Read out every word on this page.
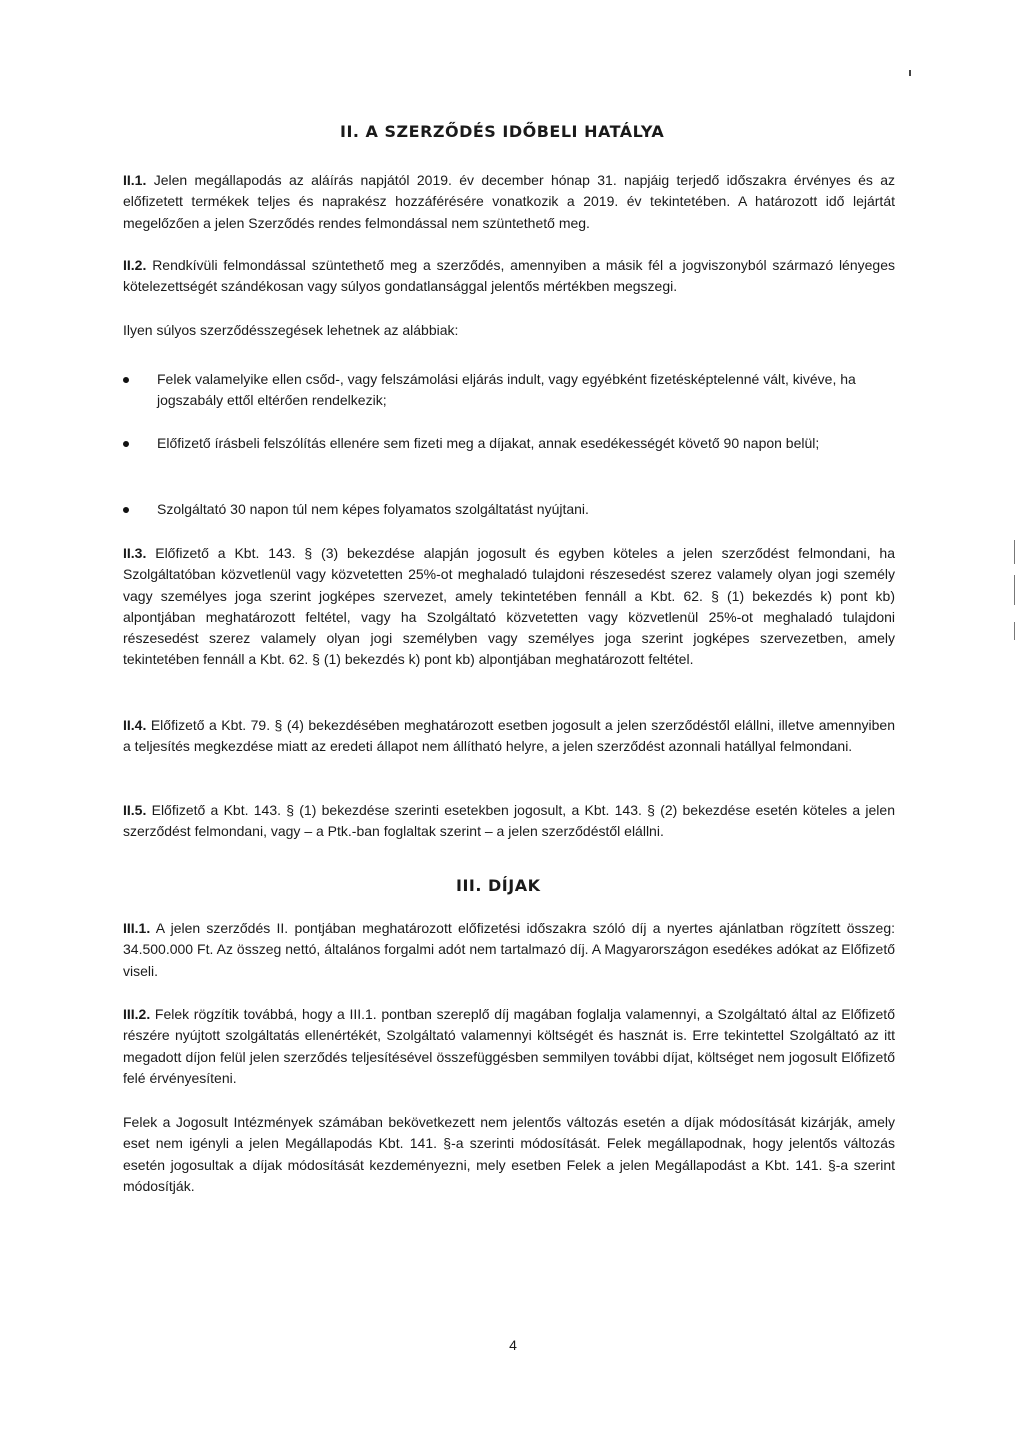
II. A SZERZŐDÉS IDŐBELI HATÁLYA

II.1. Jelen megállapodás az aláírás napjától 2019. év december hónap 31. napjáig terjedő időszakra érvényes és az előfizetett termékek teljes és naprakész hozzáférésére vonatkozik a 2019. év tekintetében. A határozott idő lejártát megelőzően a jelen Szerződés rendes felmondással nem szüntethető meg.

II.2. Rendkívüli felmondással szüntethető meg a szerződés, amennyiben a másik fél a jogviszonyból származó lényeges kötelezettségét szándékosan vagy súlyos gondatlansággal jelentős mértékben megszegi.

Ilyen súlyos szerződésszegések lehetnek az alábbiak:

Felek valamelyike ellen csőd-, vagy felszámolási eljárás indult, vagy egyébként fizetésképtelenné vált, kivéve, ha jogszabály ettől eltérően rendelkezik;

Előfizető írásbeli felszólítás ellenére sem fizeti meg a díjakat, annak esedékességét követő 90 napon belül;

Szolgáltató 30 napon túl nem képes folyamatos szolgáltatást nyújtani.

II.3. Előfizető a Kbt. 143. § (3) bekezdése alapján jogosult és egyben köteles a jelen szerződést felmondani, ha Szolgáltatóban közvetlenül vagy közvetetten 25%-ot meghaladó tulajdoni részesedést szerez valamely olyan jogi személy vagy személyes joga szerint jogképes szervezet, amely tekintetében fennáll a Kbt. 62. § (1) bekezdés k) pont kb) alpontjában meghatározott feltétel, vagy ha Szolgáltató közvetetten vagy közvetlenül 25%-ot meghaladó tulajdoni részesedést szerez valamely olyan jogi személyben vagy személyes joga szerint jogképes szervezetben, amely tekintetében fennáll a Kbt. 62. § (1) bekezdés k) pont kb) alpontjában meghatározott feltétel.

II.4. Előfizető a Kbt. 79. § (4) bekezdésében meghatározott esetben jogosult a jelen szerződéstől elállni, illetve amennyiben a teljesítés megkezdése miatt az eredeti állapot nem állítható helyre, a jelen szerződést azonnali hatállyal felmondani.

II.5. Előfizető a Kbt. 143. § (1) bekezdése szerinti esetekben jogosult, a Kbt. 143. § (2) bekezdése esetén köteles a jelen szerződést felmondani, vagy – a Ptk.-ban foglaltak szerint – a jelen szerződéstől elállni.

III. DÍJAK

III.1. A jelen szerződés II. pontjában meghatározott előfizetési időszakra szóló díj a nyertes ajánlatban rögzített összeg: 34.500.000 Ft. Az összeg nettó, általános forgalmi adót nem tartalmazó díj. A Magyarországon esedékes adókat az Előfizető viseli.

III.2. Felek rögzítik továbbá, hogy a III.1. pontban szereplő díj magában foglalja valamennyi, a Szolgáltató által az Előfizető részére nyújtott szolgáltatás ellenértékét, Szolgáltató valamennyi költségét és hasznát is. Erre tekintettel Szolgáltató az itt megadott díjon felül jelen szerződés teljesítésével összefüggésben semmilyen további díjat, költséget nem jogosult Előfizető felé érvényesíteni.

Felek a Jogosult Intézmények számában bekövetkezett nem jelentős változás esetén a díjak módosítását kizárják, amely eset nem igényli a jelen Megállapodás Kbt. 141. §-a szerinti módosítását. Felek megállapodnak, hogy jelentős változás esetén jogosultak a díjak módosítását kezdeményezni, mely esetben Felek a jelen Megállapodást a Kbt. 141. §-a szerint módosítják.

4
